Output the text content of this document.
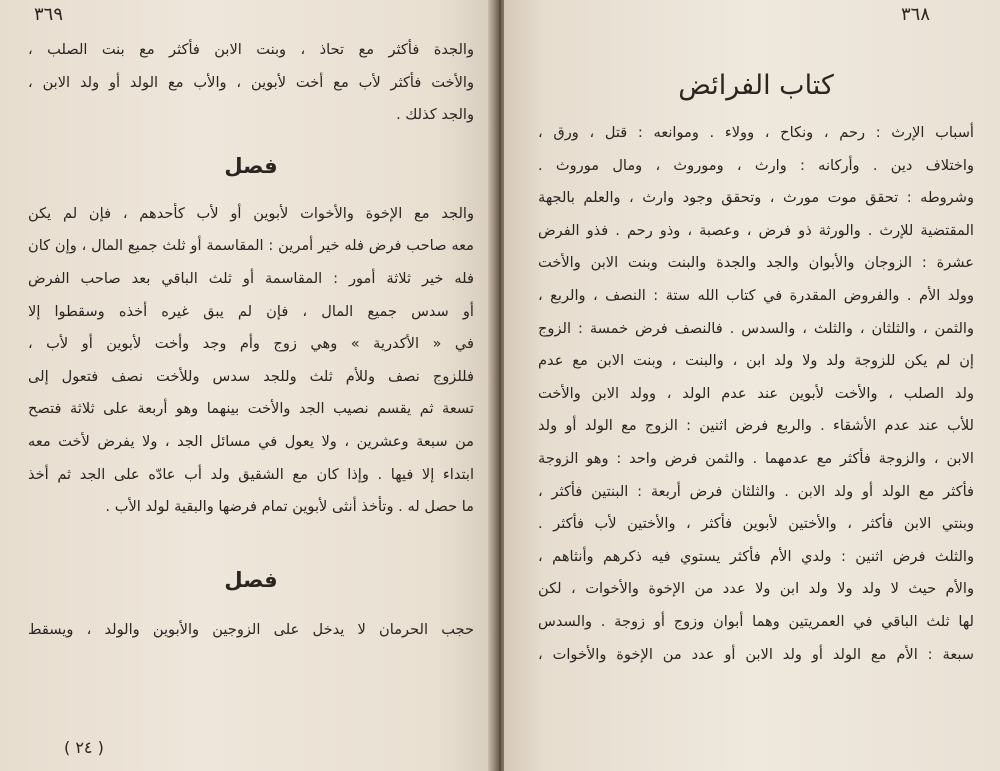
٣٦٩
والجدة فأكثر مع تحاذ ، وبنت الابن فأكثر مع بنت الصلب ،
والأخت فأكثر لأب مع أخت لأبوين ، والأب مع الولد أو ولد الابن ،
والجد كذلك .
فصل
والجد مع الإخوة والأخوات لأبوين أو لأب كأحدهم ، فإن لم يكن
معه صاحب فرض فله خير أمرين : المقاسمة أو ثلث جميع المال ، وإن كان
فله خير ثلاثة أمور : المقاسمة أو ثلث الباقي بعد صاحب الفرض
أو سدس جميع المال ، فإن لم يبق غيره أخذه وسقطوا إلا
في « الأكدرية » وهي زوج وأم وجد وأخت لأبوين أو لأب ،
فللزوج نصف وللأم ثلث وللجد سدس وللأخت نصف فتعول إلى
تسعة ثم يقسم نصيب الجد والأخت بينهما وهو أربعة على ثلاثة فتصح
من سبعة وعشرين ، ولا يعول في مسائل الجد ، ولا يفرض لأخت معه
ابتداء إلا فيها . وإذا كان مع الشقيق ولد أب عادّه على الجد ثم أخذ
ما حصل له . وتأخذ أنثى لأبوين تمام فرضها والبقية لولد الأب .
فصل
حجب الحرمان لا يدخل على الزوجين والأبوين والولد ، ويسقط
( ٢٤ )
٣٦٨
كتاب الفرائض
أسباب الإرث : رحم ، ونكاح ، وولاء . وموانعه : قتل ، ورق ،
واختلاف دين . وأركانه : وارث ، وموروث ، ومال موروث .
وشروطه : تحقق موت مورث ، وتحقق وجود وارث ، والعلم بالجهة
المقتضية للإرث . والورثة ذو فرض ، وعصبة ، وذو رحم . فذو الفرض
عشرة : الزوجان والأبوان والجد والجدة والبنت وبنت الابن والأخت
وولد الأم . والفروض المقدرة في كتاب الله ستة : النصف ، والربع ،
والثمن ، والثلثان ، والثلث ، والسدس . فالنصف فرض خمسة : الزوج
إن لم يكن للزوجة ولد ولا ولد ابن ، والبنت ، وبنت الابن مع عدم
ولد الصلب ، والأخت لأبوين عند عدم الولد ، وولد الابن والأخت
للأب عند عدم الأشقاء . والربع فرض اثنين : الزوج مع الولد أو ولد
الابن ، والزوجة فأكثر مع عدمهما . والثمن فرض واحد : وهو الزوجة
فأكثر مع الولد أو ولد الابن . والثلثان فرض أربعة : البنتين فأكثر ،
وبنتي الابن فأكثر ، والأختين لأبوين فأكثر ، والأختين لأب فأكثر .
والثلث فرض اثنين : ولدي الأم فأكثر يستوي فيه ذكرهم وأنثاهم ،
والأم حيث لا ولد ولا ولد ابن ولا عدد من الإخوة والأخوات ، لكن
لها ثلث الباقي في العمريتين وهما أبوان وزوج أو زوجة . والسدس
سبعة : الأم مع الولد أو ولد الابن أو عدد من الإخوة والأخوات ،
